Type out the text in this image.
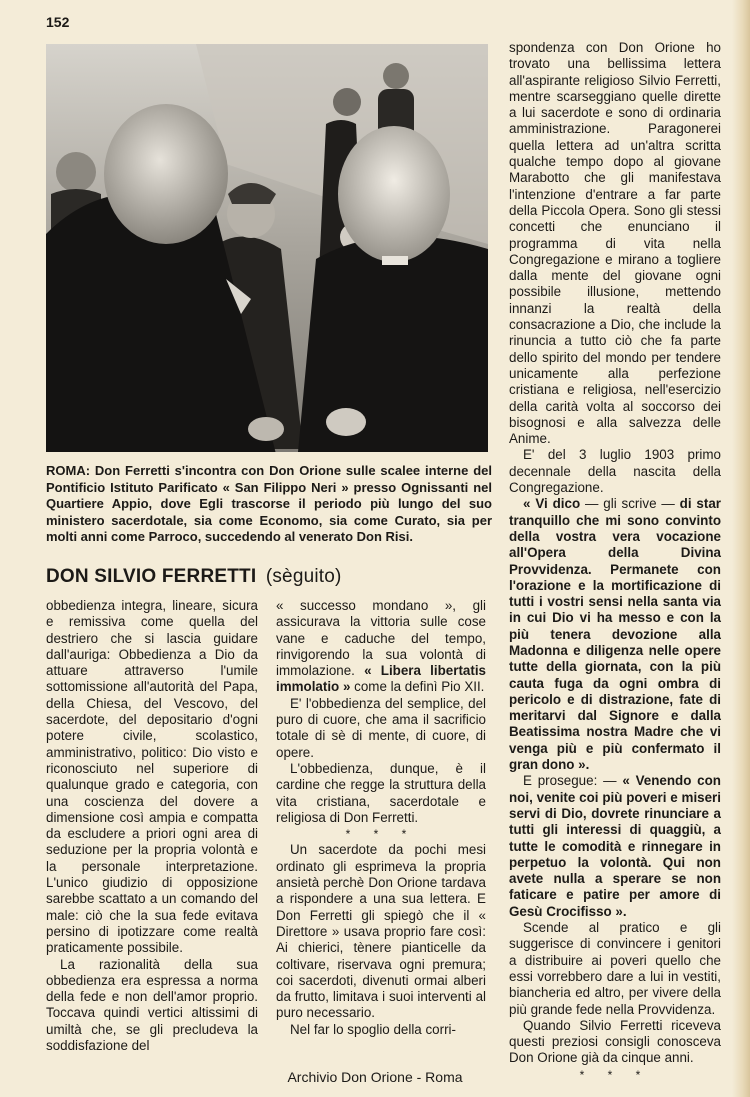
152
ROMA: Don Ferretti s'incontra con Don Orione sulle scalee interne del Pontificio Istituto Parificato « San Filippo Neri » presso Ognissanti nel Quartiere Appio, dove Egli trascorse il periodo più lungo del suo ministero sacerdotale, sia come Economo, sia come Curato, sia per molti anni come Parroco, succedendo al venerato Don Risi.
DON SILVIO FERRETTI (sèguito)

obbedienza integra, lineare, sicura e remissiva come quella del destriero che si lascia guidare dall'auriga: Obbedienza a Dio da attuare attraverso l'umile sottomissione all'autorità del Papa, della Chiesa, del Vescovo, del sacerdote, del depositario d'ogni potere civile, scolastico, amministrativo, politico: Dio visto e riconosciuto nel superiore di qualunque grado e categoria, con una coscienza del dovere a dimensione così ampia e compatta da escludere a priori ogni area di seduzione per la propria volontà e la personale interpretazione. L'unico giudizio di opposizione sarebbe scattato a un comando del male: ciò che la sua fede evitava persino di ipotizzare come realtà praticamente possibile.

La razionalità della sua obbedienza era espressa a norma della fede e non dell'amor proprio. Toccava quindi vertici altissimi di umiltà che, se gli precludeva la soddisfazione del

« successo mondano », gli assicurava la vittoria sulle cose vane e caduche del tempo, rinvigorendo la sua volontà di immolazione. « Libera libertatis immolatio » come la definì Pio XII.

E' l'obbedienza del semplice, del puro di cuore, che ama il sacrificio totale di sè di mente, di cuore, di opere.

L'obbedienza, dunque, è il cardine che regge la struttura della vita cristiana, sacerdotale e religiosa di Don Ferretti.

* * *

Un sacerdote da pochi mesi ordinato gli esprimeva la propria ansietà perchè Don Orione tardava a rispondere a una sua lettera. E Don Ferretti gli spiegò che il « Direttore » usava proprio fare così: Ai chierici, tènere pianticelle da coltivare, riservava ogni premura; coi sacerdoti, divenuti ormai alberi da frutto, limitava i suoi interventi al puro necessario.

Nel far lo spoglio della corri-

spondenza con Don Orione ho trovato una bellissima lettera all'aspirante religioso Silvio Ferretti, mentre scarseggiano quelle dirette a lui sacerdote e sono di ordinaria amministrazione. Paragonerei quella lettera ad un'altra scritta qualche tempo dopo al giovane Marabotto che gli manifestava l'intenzione d'entrare a far parte della Piccola Opera. Sono gli stessi concetti che enunciano il programma di vita nella Congregazione e mirano a togliere dalla mente del giovane ogni possibile illusione, mettendo innanzi la realtà della consacrazione a Dio, che include la rinuncia a tutto ciò che fa parte dello spirito del mondo per tendere unicamente alla perfezione cristiana e religiosa, nell'esercizio della carità volta al soccorso dei bisognosi e alla salvezza delle Anime.

E' del 3 luglio 1903 primo decennale della nascita della Congregazione.

« Vi dico — gli scrive — di star tranquillo che mi sono convinto della vostra vera vocazione all'Opera della Divina Provvidenza. Permanete con l'orazione e la mortificazione di tutti i vostri sensi nella santa via in cui Dio vi ha messo e con la più tenera devozione alla Madonna e diligenza nelle opere tutte della giornata, con la più cauta fuga da ogni ombra di pericolo e di distrazione, fate di meritarvi dal Signore e dalla Beatissima nostra Madre che vi venga più e più confermato il gran dono ».

E prosegue: — « Venendo con noi, venite coi più poveri e miseri servi di Dio, dovrete rinunciare a tutti gli interessi di quaggiù, a tutte le comodità e rinnegare in perpetuo la volontà. Qui non avete nulla a sperare se non faticare e patire per amore di Gesù Crocifisso ».

Scende al pratico e gli suggerisce di convincere i genitori a distribuire ai poveri quello che essi vorrebbero dare a lui in vestiti, biancheria ed altro, per vivere della più grande fede nella Provvidenza.

Quando Silvio Ferretti riceveva questi preziosi consigli conosceva Don Orione già da cinque anni.

* * *

Archivio Don Orione - Roma
